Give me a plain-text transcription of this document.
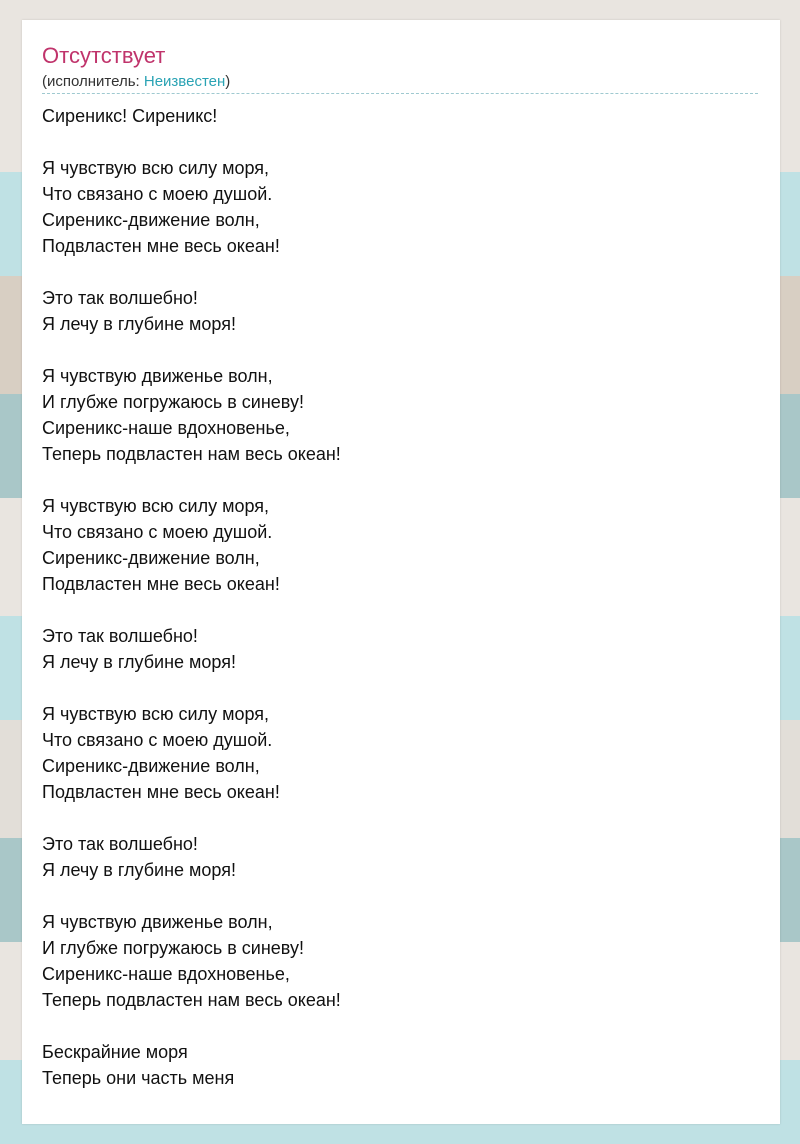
Отсутствует
(исполнитель: Неизвестен)
Сиреникс! Сиреникс!
Я чувствую всю силу моря,
Что связано с моею душой.
Сиреникс-движение волн,
Подвластен мне весь океан!
Это так волшебно!
Я лечу в глубине моря!
Я чувствую движенье волн,
И глубже погружаюсь в синеву!
Сиреникс-наше вдохновенье,
Теперь подвластен нам весь океан!
Я чувствую всю силу моря,
Что связано с моею душой.
Сиреникс-движение волн,
Подвластен мне весь океан!
Это так волшебно!
Я лечу в глубине моря!
Я чувствую всю силу моря,
Что связано с моею душой.
Сиреникс-движение волн,
Подвластен мне весь океан!
Это так волшебно!
Я лечу в глубине моря!
Я чувствую движенье волн,
И глубже погружаюсь в синеву!
Сиреникс-наше вдохновенье,
Теперь подвластен нам весь океан!
Бескрайние моря
Теперь они часть меня
